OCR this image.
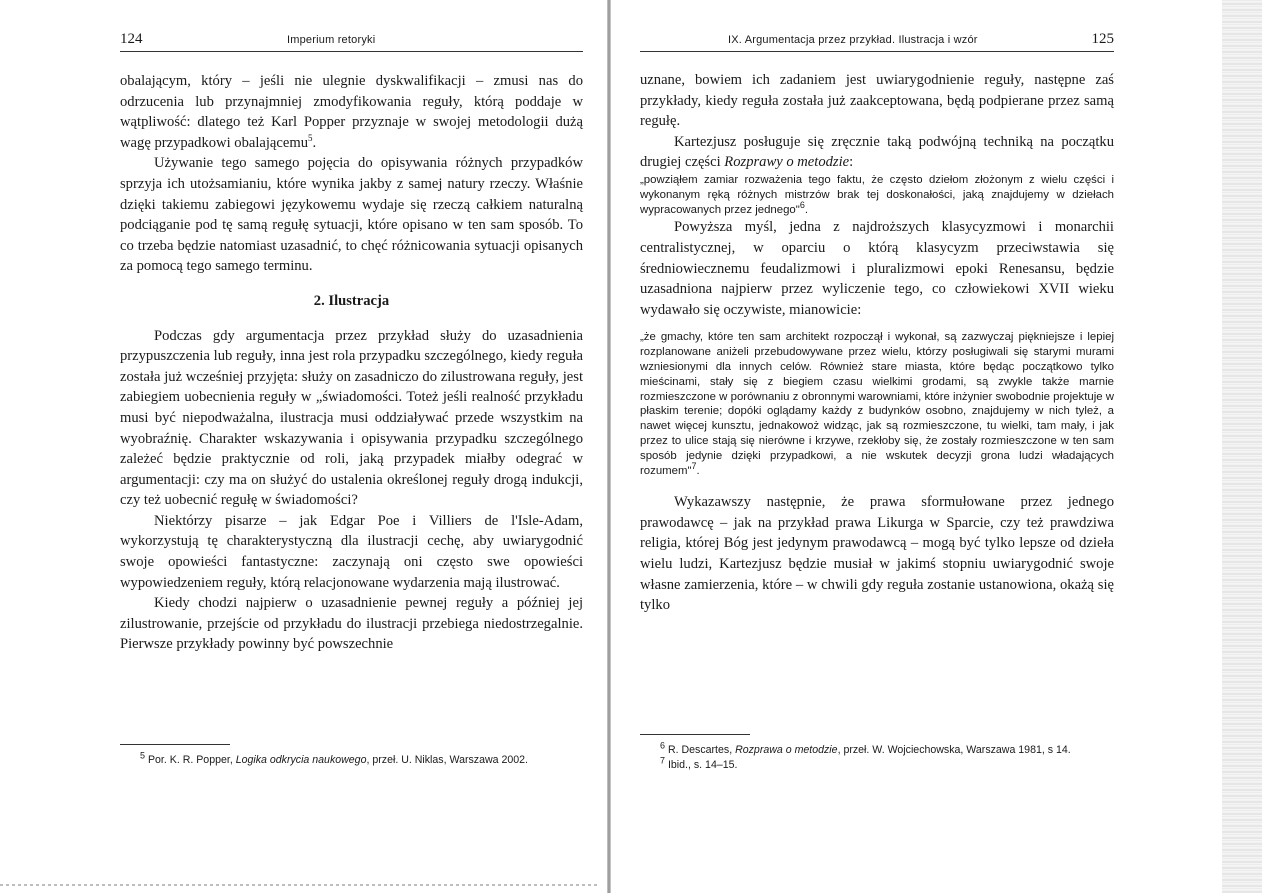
124	Imperium retoryki

obalającym, który – jeśli nie ulegnie dyskwalifikacji – zmusi nas do odrzucenia lub przynajmniej zmodyfikowania reguły, którą poddaje w wątpliwość: dlatego też Karl Popper przyznaje w swojej metodologii dużą wagę przypadkowi obalającemu$^5$.

Używanie tego samego pojęcia do opisywania różnych przypadków sprzyja ich utożsamianiu, które wynika jakby z samej natury rzeczy. Właśnie dzięki takiemu zabiegowi językowemu wydaje się rzeczą całkiem naturalną podciąganie pod tę samą regułę sytuacji, które opisano w ten sam sposób. To co trzeba będzie natomiast uzasadnić, to chęć różnicowania sytuacji opisanych za pomocą tego samego terminu.

2. Ilustracja

Podczas gdy argumentacja przez przykład służy do uzasadnienia przypuszczenia lub reguły, inna jest rola przypadku szczególnego, kiedy reguła została już wcześniej przyjęta: służy on zasadniczo do zilustrowana reguły, jest zabiegiem uobecnienia reguły w „świadomości. Toteż jeśli realność przykładu musi być niepodważalna, ilustracja musi oddziaływać przede wszystkim na wyobraźnię. Charakter wskazywania i opisywania przypadku szczególnego zależeć będzie praktycznie od roli, jaką przypadek miałby odegrać w argumentacji: czy ma on służyć do ustalenia określonej reguły drogą indukcji, czy też uobecnić regułę w świadomości?

Niektórzy pisarze – jak Edgar Poe i Villiers de l'Isle-Adam, wykorzystują tę charakterystyczną dla ilustracji cechę, aby uwiarygodnić swoje opowieści fantastyczne: zaczynają oni często swe opowieści wypowiedzeniem reguły, którą relacjonowane wydarzenia mają ilustrować.

Kiedy chodzi najpierw o uzasadnienie pewnej reguły a później jej zilustrowanie, przejście od przykładu do ilustracji przebiega niedostrzegalnie. Pierwsze przykłady powinny być powszechnie

$^5$ Por. K. R. Popper, Logika odkrycia naukowego, przeł. U. Niklas, Warszawa 2002.

IX. Argumentacja przez przykład. Ilustracja i wzór	125

uznane, bowiem ich zadaniem jest uwiarygodnienie reguły, następne zaś przykłady, kiedy reguła została już zaakceptowana, będą podpierane przez samą regułę.

Kartezjusz posługuje się zręcznie taką podwójną techniką na początku drugiej części Rozprawy o metodzie:

„powziąłem zamiar rozważenia tego faktu, że często dziełom złożonym z wielu części i wykonanym ręką różnych mistrzów brak tej doskonałości, jaką znajdujemy w dziełach wypracowanych przez jednego"$^6$.

Powyższa myśl, jedna z najdroższych klasycyzmowi i monarchii centralistycznej, w oparciu o którą klasycyzm przeciwstawia się średniowiecznemu feudalizmowi i pluralizmowi epoki Renesansu, będzie uzasadniona najpierw przez wyliczenie tego, co człowiekowi XVII wieku wydawało się oczywiste, mianowicie:

„że gmachy, które ten sam architekt rozpoczął i wykonał, są zazwyczaj piękniejsze i lepiej rozplanowane aniżeli przebudowywane przez wielu, którzy posługiwali się starymi murami wzniesionymi dla innych celów. Również stare miasta, które będąc początkowo tylko mieścinami, stały się z biegiem czasu wielkimi grodami, są zwykle także marnie rozmieszczone w porównaniu z obronnymi warowniami, które inżynier swobodnie projektuje w płaskim terenie; dopóki oglądamy każdy z budynków osobno, znajdujemy w nich tyleż, a nawet więcej kunsztu, jednakowoż widząc, jak są rozmieszczone, tu wielki, tam mały, i jak przez to ulice stają się nierówne i krzywe, rzekłoby się, że zostały rozmieszczone w ten sam sposób jedynie dzięki przypadkowi, a nie wskutek decyzji grona ludzi władających rozumem"$^7$.

Wykazawszy następnie, że prawa sformułowane przez jednego prawodawcę – jak na przykład prawa Likurga w Sparcie, czy też prawdziwa religia, której Bóg jest jedynym prawodawcą – mogą być tylko lepsze od dzieła wielu ludzi, Kartezjusz będzie musiał w jakimś stopniu uwiarygodnić swoje własne zamierzenia, które – w chwili gdy reguła zostanie ustanowiona, okażą się tylko

$^6$ R. Descartes, Rozprawa o metodzie, przeł. W. Wojciechowska, Warszawa 1981, s 14.

$^7$ Ibid., s. 14–15.
